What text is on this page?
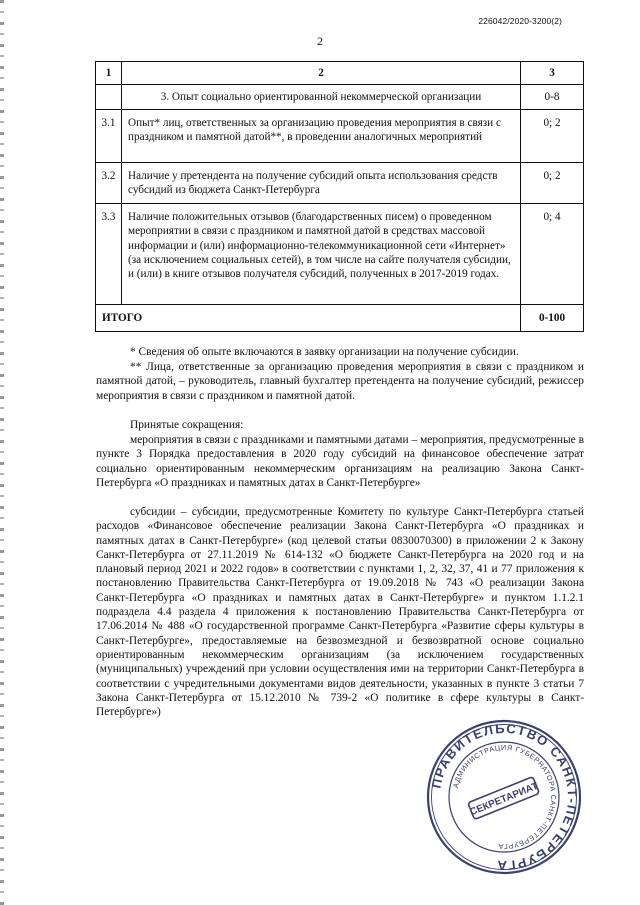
226042/2020-3200(2)
2
1	2	3
	3. Опыт социально ориентированной некоммерческой организации	0-8
3.1	Опыт* лиц, ответственных за организацию проведения мероприятия в связи с праздником и памятной датой**, в проведении аналогичных мероприятий	0; 2
3.2	Наличие у претендента на получение субсидий опыта использования средств субсидий из бюджета Санкт-Петербурга	0; 2
3.3	Наличие положительных отзывов (благодарственных писем) о проведенном мероприятии в связи с праздником и памятной датой в средствах массовой информации и (или) информационно-телекоммуникационной сети «Интернет» (за исключением социальных сетей), в том числе на сайте получателя субсидии, и (или) в книге отзывов получателя субсидий, полученных в 2017-2019 годах.	0; 4
ИТОГО		0-100

* Сведения об опыте включаются в заявку организации на получение субсидии.

** Лица, ответственные за организацию проведения мероприятия в связи с праздником и памятной датой, – руководитель, главный бухгалтер претендента на получение субсидий, режиссер мероприятия в связи с праздником и памятной датой.

Принятые сокращения:

мероприятия в связи с праздниками и памятными датами – мероприятия, предусмотренные в пункте 3 Порядка предоставления в 2020 году субсидий на финансовое обеспечение затрат социально ориентированным некоммерческим организациям на реализацию Закона Санкт-Петербурга «О праздниках и памятных датах в Санкт-Петербурге»

субсидии – субсидии, предусмотренные Комитету по культуре Санкт-Петербурга статьей расходов «Финансовое обеспечение реализации Закона Санкт-Петербурга «О праздниках и памятных датах в Санкт-Петербурге» (код целевой статьи 0830070300) в приложении 2 к Закону Санкт-Петербурга от 27.11.2019 № 614-132 «О бюджете Санкт-Петербурга на 2020 год и на плановый период 2021 и 2022 годов» в соответствии с пунктами 1, 2, 32, 37, 41 и 77 приложения к постановлению Правительства Санкт-Петербурга от 19.09.2018 № 743 «О реализации Закона Санкт-Петербурга «О праздниках и памятных датах в Санкт-Петербурге» и пунктом 1.1.2.1 подраздела 4.4 раздела 4 приложения к постановлению Правительства Санкт-Петербурга от 17.06.2014 № 488 «О государственной программе Санкт-Петербурга «Развитие сферы культуры в Санкт-Петербурге», предоставляемые на безвозмездной и безвозвратной основе социально ориентированным некоммерческим организациям (за исключением государственных (муниципальных) учреждений при условии осуществления ими на территории Санкт-Петербурга в соответствии с учредительными документами видов деятельности, указанных в пункте 3 статьи 7 Закона Санкт-Петербурга от 15.12.2010 № 739-2 «О политике в сфере культуры в Санкт-Петербурге»)

ПРАВИТЕЛЬСТВО САНКТ-ПЕТЕРБУРГА
АДМИНИСТРАЦИЯ ГУБЕРНАТОРА САНКТ-ПЕТЕРБУРГА
СЕКРЕТАРИАТ
